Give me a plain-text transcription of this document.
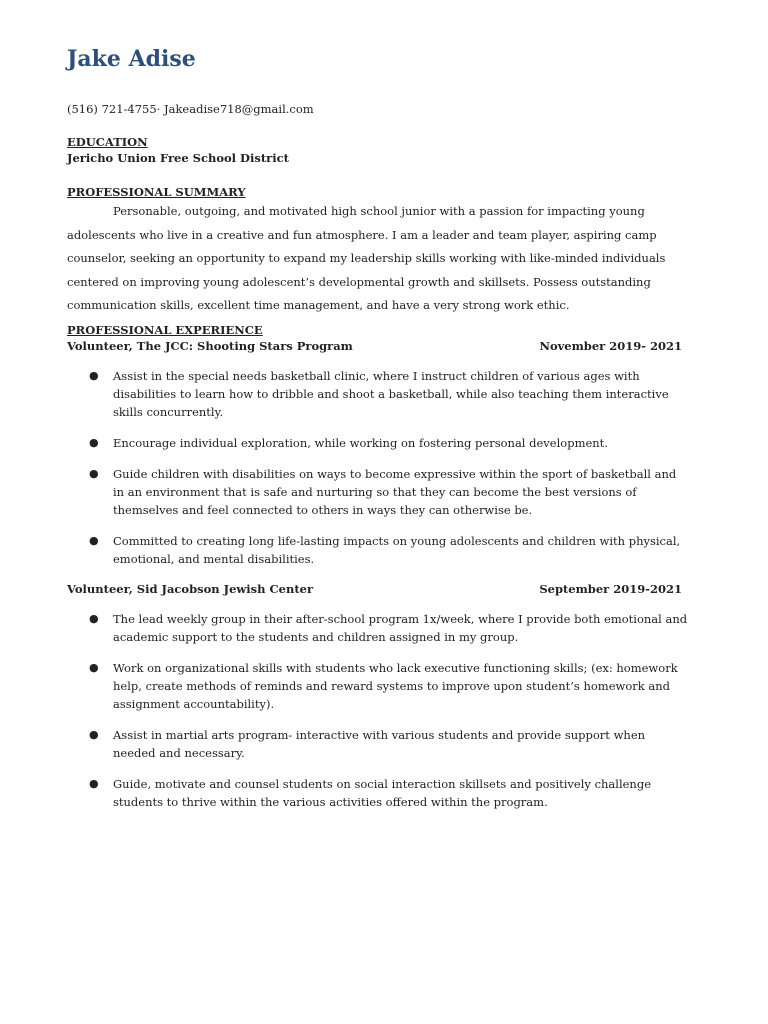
Jake Adise

(516) 721-4755· Jakeadise718@gmail.com

EDUCATION

Jericho Union Free School District

PROFESSIONAL SUMMARY

Personable, outgoing, and motivated high school junior with a passion for impacting young adolescents who live in a creative and fun atmosphere. I am a leader and team player, aspiring camp counselor, seeking an opportunity to expand my leadership skills working with like-minded individuals centered on improving young adolescent’s developmental growth and skillsets. Possess outstanding communication skills, excellent time management, and have a very strong work ethic.

PROFESSIONAL EXPERIENCE

Volunteer, The JCC: Shooting Stars Program	November 2019- 2021
● Assist in the special needs basketball clinic, where I instruct children of various ages with disabilities to learn how to dribble and shoot a basketball, while also teaching them interactive skills concurrently.
● Encourage individual exploration, while working on fostering personal development.
● Guide children with disabilities on ways to become expressive within the sport of basketball and in an environment that is safe and nurturing so that they can become the best versions of themselves and feel connected to others in ways they can otherwise be.
● Committed to creating long life-lasting impacts on young adolescents and children with physical, emotional, and mental disabilities.
Volunteer, Sid Jacobson Jewish Center	September 2019-2021
● The lead weekly group in their after-school program 1x/week, where I provide both emotional and academic support to the students and children assigned in my group.
● Work on organizational skills with students who lack executive functioning skills; (ex: homework help, create methods of reminds and reward systems to improve upon student’s homework and assignment accountability).
● Assist in martial arts program- interactive with various students and provide support when needed and necessary.
● Guide, motivate and counsel students on social interaction skillsets and positively challenge students to thrive within the various activities offered within the program.
